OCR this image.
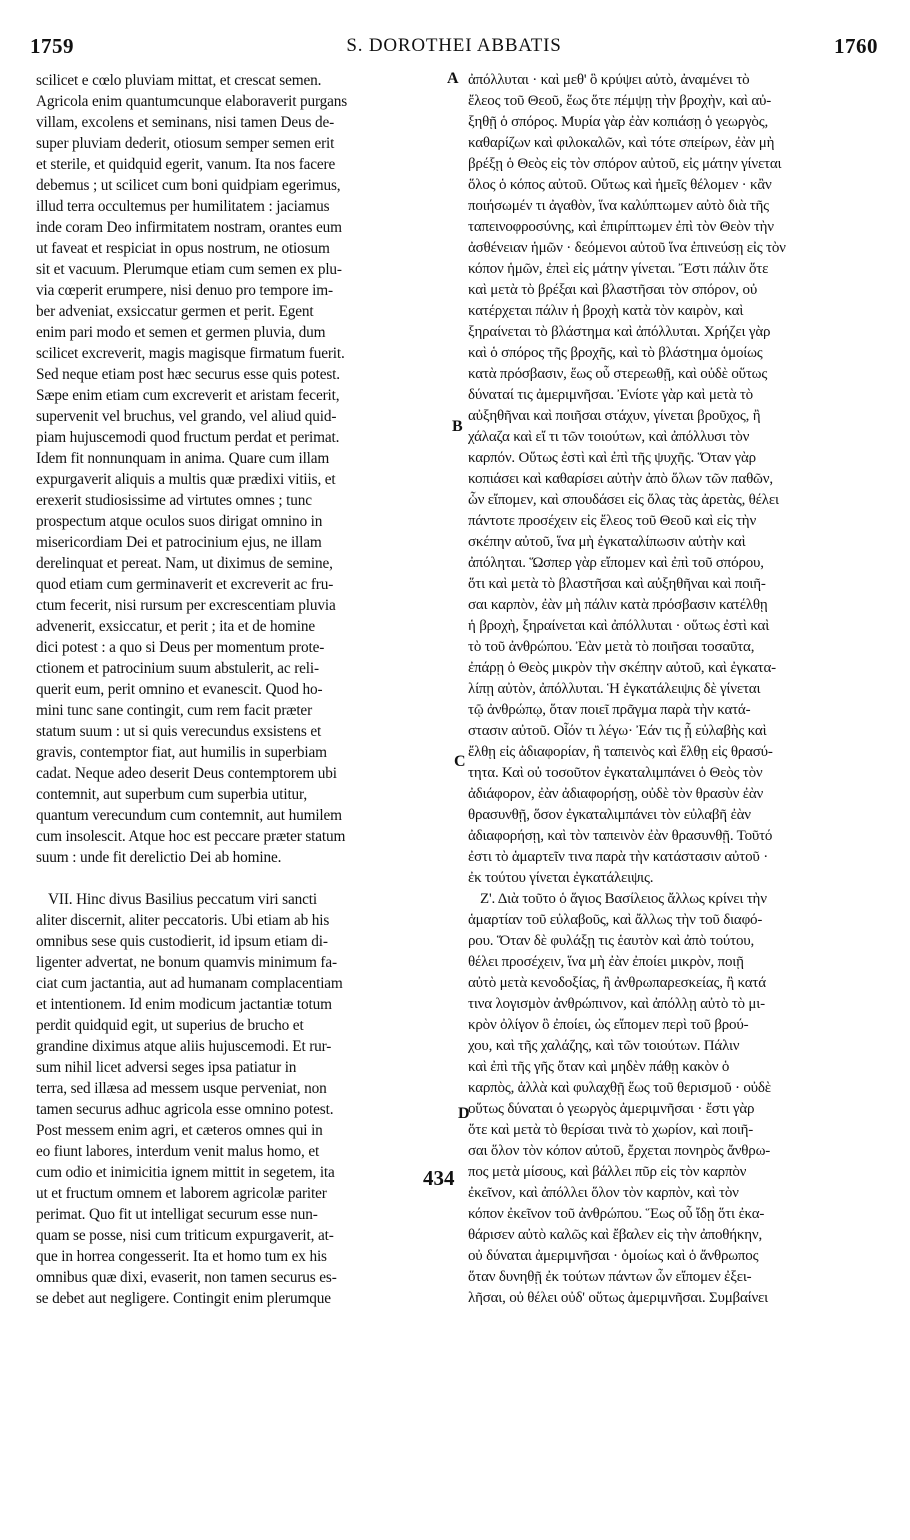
1759	S. DOROTHEI ABBATIS	1760
scilicet e cœlo pluviam mittat, et crescat semen.
Agricola enim quantumcunque elaboraverit purgans
villam, excolens et seminans, nisi tamen Deus de-
super pluviam dederit, otiosum semper semen erit
et sterile, et quidquid egerit, vanum. Ita nos facere
debemus ; ut scilicet cum boni quidpiam egerimus,
illud terra occultemus per humilitatem : jaciamus
inde coram Deo infirmitatem nostram, orantes eum
ut faveat et respiciat in opus nostrum, ne otiosum
sit et vacuum. Plerumque etiam cum semen ex plu-
via cœperit erumpere, nisi denuo pro tempore im-
ber adveniat, exsiccatur germen et perit. Egent
enim pari modo et semen et germen pluvia, dum
scilicet excreverit, magis magisque firmatum fuerit.
Sed neque etiam post hæc securus esse quis potest.
Sæpe enim etiam cum excreverit et aristam fecerit,
supervenit vel bruchus, vel grando, vel aliud quid-
piam hujuscemodi quod fructum perdat et perimat.
Idem fit nonnunquam in anima. Quare cum illam
expurgaverit aliquis a multis quæ prædixi vitiis, et
erexerit studiosissime ad virtutes omnes ; tunc
prospectum atque oculos suos dirigat omnino in
misericordiam Dei et patrocinium ejus, ne illam
derelinquat et pereat. Nam, ut diximus de semine,
quod etiam cum germinaverit et excreverit ac fru-
ctum fecerit, nisi rursum per excrescentiam pluvia
advenerit, exsiccatur, et perit ; ita et de homine
dici potest : a quo si Deus per momentum prote-
ctionem et patrocinium suum abstulerit, ac reli-
querit eum, perit omnino et evanescit. Quod ho-
mini tunc sane contingit, cum rem facit præter
statum suum : ut si quis verecundus exsistens et
gravis, contemptor fiat, aut humilis in superbiam
cadat. Neque adeo deserit Deus contemptorem ubi
contemnit, aut superbum cum superbia utitur,
quantum verecundum cum contemnit, aut humilem
cum insolescit. Atque hoc est peccare præter statum
suum : unde fit derelictio Dei ab homine.
VII. Hinc divus Basilius peccatum viri sancti
aliter discernit, aliter peccatoris. Ubi etiam ab his
omnibus sese quis custodierit, id ipsum etiam di-
ligenter advertat, ne bonum quamvis minimum fa-
ciat cum jactantia, aut ad humanam complacentiam
et intentionem. Id enim modicum jactantiæ totum
perdit quidquid egit, ut superius de brucho et
grandine diximus atque aliis hujuscemodi. Et rur-
sum nihil licet adversi seges ipsa patiatur in
terra, sed illæsa ad messem usque perveniat, non
tamen securus adhuc agricola esse omnino potest.
Post messem enim agri, et cæteros omnes qui in
eo fiunt labores, interdum venit malus homo, et
cum odio et inimicitia ignem mittit in segetem, ita
ut et fructum omnem et laborem agricolæ pariter
perimat. Quo fit ut intelligat securum esse nun-
quam se posse, nisi cum triticum expurgaverit, at-
que in horrea congesserit. Ita et homo tum ex his
omnibus quæ dixi, evaserit, non tamen securus es-
se debet aut negligere. Contingit enim plerumque
ἀπόλλυται · καὶ μεθ' ὃ κρύψει αὐτὸ, ἀναμένει τὸ
ἔλεος τοῦ Θεοῦ, ἕως ὅτε πέμψῃ τὴν βροχὴν, καὶ αὐ-
ξηθῇ ὁ σπόρος. Μυρία γὰρ ἐὰν κοπιάσῃ ὁ γεωργὸς,
καθαρίζων καὶ φιλοκαλῶν, καὶ τότε σπείρων, ἐὰν μὴ
βρέξῃ ὁ Θεὸς εἰς τὸν σπόρον αὐτοῦ, εἰς μάτην γίνεται
ὅλος ὁ κόπος αὐτοῦ. Οὕτως καὶ ἡμεῖς θέλομεν · κἂν
ποιήσωμέν τι ἀγαθὸν, ἵνα καλύπτωμεν αὐτὸ διὰ τῆς
ταπεινοφροσύνης, καὶ ἐπιρίπτωμεν ἐπὶ τὸν Θεὸν τὴν
ἀσθένειαν ἡμῶν · δεόμενοι αὐτοῦ ἵνα ἐπινεύσῃ εἰς τὸν
κόπον ἡμῶν, ἐπεὶ εἰς μάτην γίνεται. Ἔστι πάλιν ὅτε
καὶ μετὰ τὸ βρέξαι καὶ βλαστῆσαι τὸν σπόρον, οὐ
κατέρχεται πάλιν ἡ βροχὴ κατὰ τὸν καιρὸν, καὶ
ξηραίνεται τὸ βλάστημα καὶ ἀπόλλυται. Χρήζει γὰρ
καὶ ὁ σπόρος τῆς βροχῆς, καὶ τὸ βλάστημα ὁμοίως
κατὰ πρόσβασιν, ἕως οὗ στερεωθῇ, καὶ οὐδὲ οὕτως
δύναταί τις ἀμεριμνῆσαι. Ἐνίοτε γὰρ καὶ μετὰ τὸ
αὐξηθῆναι καὶ ποιῆσαι στάχυν, γίνεται βροῦχος, ἢ
χάλαζα καὶ εἴ τι τῶν τοιούτων, καὶ ἀπόλλυσι τὸν
καρπόν. Οὕτως ἐστὶ καὶ ἐπὶ τῆς ψυχῆς. Ὅταν γὰρ
κοπιάσει καὶ καθαρίσει αὐτὴν ἀπὸ ὅλων τῶν παθῶν,
ὧν εἴπομεν, καὶ σπουδάσει εἰς ὅλας τὰς ἀρετὰς, θέλει
πάντοτε προσέχειν εἰς ἔλεος τοῦ Θεοῦ καὶ εἰς τὴν
σκέπην αὐτοῦ, ἵνα μὴ ἐγκαταλίπωσιν αὐτὴν καὶ
ἀπόληται. Ὥσπερ γὰρ εἴπομεν καὶ ἐπὶ τοῦ σπόρου,
ὅτι καὶ μετὰ τὸ βλαστῆσαι καὶ αὐξηθῆναι καὶ ποιῆ-
σαι καρπὸν, ἐὰν μὴ πάλιν κατὰ πρόσβασιν κατέλθῃ
ἡ βροχὴ, ξηραίνεται καὶ ἀπόλλυται · οὕτως ἐστὶ καὶ
τὸ τοῦ ἀνθρώπου. Ἐὰν μετὰ τὸ ποιῆσαι τοσαῦτα,
ἐπάρῃ ὁ Θεὸς μικρὸν τὴν σκέπην αὐτοῦ, καὶ ἐγκατα-
λίπῃ αὐτὸν, ἀπόλλυται. Ἡ ἐγκατάλειψις δὲ γίνεται
τῷ ἀνθρώπῳ, ὅταν ποιεῖ πρᾶγμα παρὰ τὴν κατά-
στασιν αὐτοῦ. Οἷόν τι λέγω· Ἐάν τις ᾖ εὐλαβὴς καὶ
ἔλθῃ εἰς ἀδιαφορίαν, ἢ ταπεινὸς καὶ ἔλθῃ εἰς θρασύ-
τητα. Καὶ οὐ τοσοῦτον ἐγκαταλιμπάνει ὁ Θεὸς τὸν
ἀδιάφορον, ἐὰν ἀδιαφορήσῃ, οὐδὲ τὸν θρασὺν ἐὰν
θρασυνθῇ, ὅσον ἐγκαταλιμπάνει τὸν εὐλαβῆ ἐὰν
ἀδιαφορήσῃ, καὶ τὸν ταπεινὸν ἐὰν θρασυνθῇ. Τοῦτό
ἐστι τὸ ἁμαρτεῖν τινα παρὰ τὴν κατάστασιν αὐτοῦ ·
ἐκ τούτου γίνεται ἐγκατάλειψις.
Ζ'. Διὰ τοῦτο ὁ ἅγιος Βασίλειος ἄλλως κρίνει τὴν
ἁμαρτίαν τοῦ εὐλαβοῦς, καὶ ἄλλως τὴν τοῦ διαφό-
ρου. Ὅταν δὲ φυλάξῃ τις ἑαυτὸν καὶ ἀπὸ τούτου,
θέλει προσέχειν, ἵνα μὴ ἐὰν ἐποίει μικρὸν, ποιῇ
αὐτὸ μετὰ κενοδοξίας, ἢ ἀνθρωπαρεσκείας, ἢ κατά
τινα λογισμὸν ἀνθρώπινον, καὶ ἀπόλλῃ αὐτὸ τὸ μι-
κρὸν ὀλίγον ὃ ἐποίει, ὡς εἴπομεν περὶ τοῦ βρού-
χου, καὶ τῆς χαλάζης, καὶ τῶν τοιούτων. Πάλιν
καὶ ἐπὶ τῆς γῆς ὅταν καὶ μηδὲν πάθῃ κακὸν ὁ
καρπὸς, ἀλλὰ καὶ φυλαχθῇ ἕως τοῦ θερισμοῦ · οὐδὲ
οὕτως δύναται ὁ γεωργὸς ἀμεριμνῆσαι · ἔστι γὰρ
ὅτε καὶ μετὰ τὸ θερίσαι τινὰ τὸ χωρίον, καὶ ποιῆ-
σαι ὅλον τὸν κόπον αὐτοῦ, ἔρχεται πονηρὸς ἄνθρω-
πος μετὰ μίσους, καὶ βάλλει πῦρ εἰς τὸν καρπὸν
ἐκεῖνον, καὶ ἀπόλλει ὅλον τὸν καρπὸν, καὶ τὸν
κόπον ἐκεῖνον τοῦ ἀνθρώπου. Ἕως οὗ ἴδῃ ὅτι ἐκα-
θάρισεν αὐτὸ καλῶς καὶ ἔβαλεν εἰς τὴν ἀποθήκην,
οὐ δύναται ἀμεριμνῆσαι · ὁμοίως καὶ ὁ ἄνθρωπος
ὅταν δυνηθῇ ἐκ τούτων πάντων ὧν εἴπομεν ἐξει-
λῆσαι, οὐ θέλει οὐδ' οὕτως ἀμεριμνῆσαι. Συμβαίνει
A
B
C
D
434
